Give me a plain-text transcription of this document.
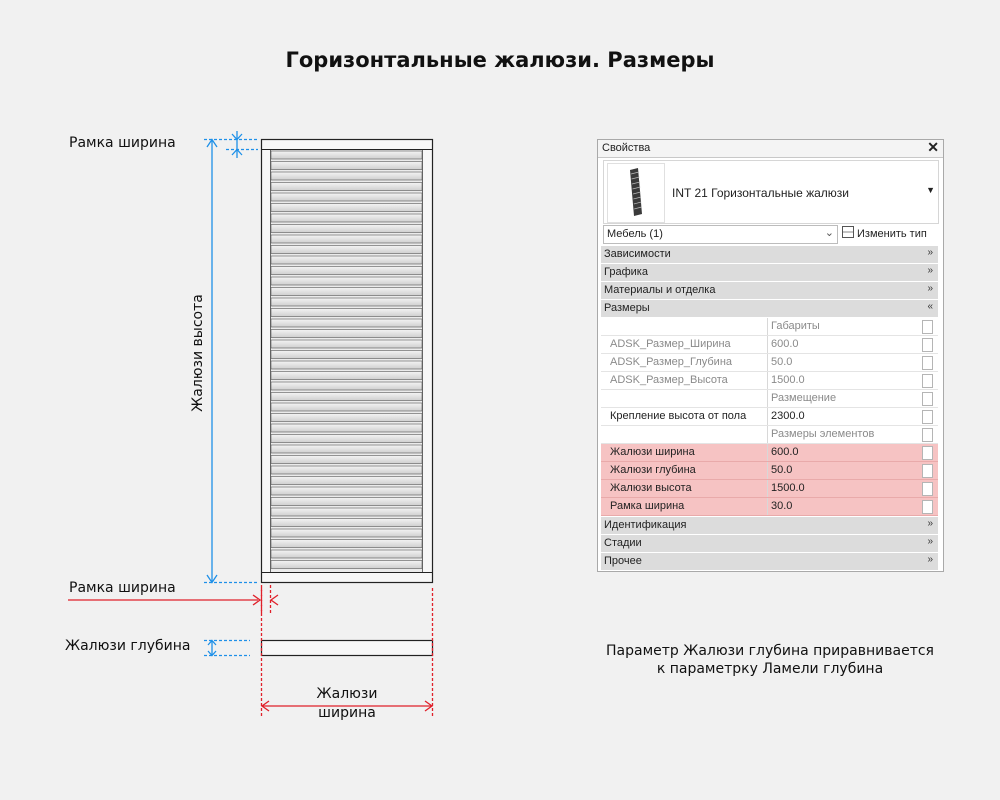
Горизонтальные жалюзи. Размеры
Рамка ширина
Жалюзи высота
Рамка ширина
Жалюзи глубина
Жалюзи
ширина
Свойства	✕
INT 21 Горизонтальные жалюзи	▼
Мебель (1)	⌄	Изменить тип
Зависимости	»
Графика	»
Материалы и отделка	»
Размеры	«
Габариты
ADSK_Размер_Ширина	600.0
ADSK_Размер_Глубина	50.0
ADSK_Размер_Высота	1500.0
Размещение
Крепление высота от пола 2300.0
Размеры элементов
Жалюзи ширина	600.0
Жалюзи глубина	50.0
Жалюзи высота	1500.0
Рамка ширина	30.0
Идентификация	»
Стадии	»
Прочее	»
Параметр Жалюзи глубина приравнивается
к параметрку Ламели глубина
